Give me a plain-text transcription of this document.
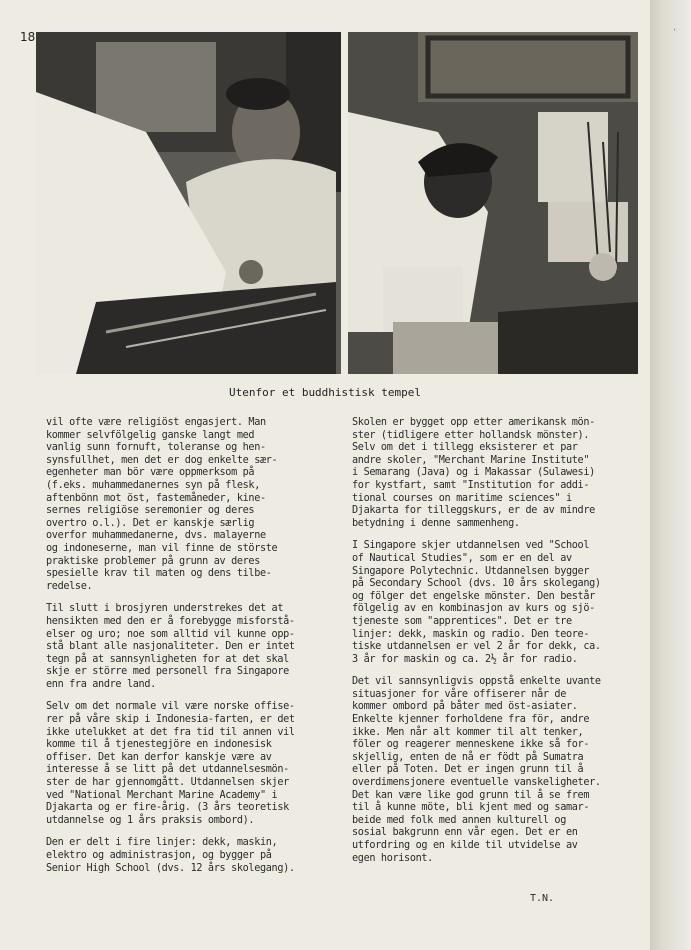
18
Utenfor et buddhistisk tempel
vil ofte være religiöst engasjert. Man
kommer selvfölgelig ganske langt med
vanlig sunn fornuft, toleranse og hen-
synsfullhet, men det er dog enkelte sær-
egenheter man bör være oppmerksom på
(f.eks. muhammedanernes syn på flesk,
aftenbönn mot öst, fastemåneder, kine-
sernes religiöse seremonier og deres
overtro o.l.). Det er kanskje særlig
overfor muhammedanerne, dvs. malayerne
og indoneserne, man vil finne de störste
praktiske problemer på grunn av deres
spesielle krav til maten og dens tilbe-
redelse.
Til slutt i brosjyren understrekes det at
hensikten med den er å forebygge misforstå-
elser og uro; noe som alltid vil kunne opp-
stå blant alle nasjonaliteter. Den er intet
tegn på at sannsynligheten for at det skal
skje er större med personell fra Singapore
enn fra andre land.
Selv om det normale vil være norske offise-
rer på våre skip i Indonesia-farten, er det
ikke utelukket at det fra tid til annen vil
komme til å tjenestegjöre en indonesisk
offiser. Det kan derfor kanskje være av
interesse å se litt på det utdannelsesmön-
ster de har gjennomgått. Utdannelsen skjer
ved "National Merchant Marine Academy" i
Djakarta og er fire-årig. (3 års teoretisk
utdannelse og 1 års praksis ombord).
Den er delt i fire linjer: dekk, maskin,
elektro og administrasjon, og bygger på
Senior High School (dvs. 12 års skolegang).
Skolen er bygget opp etter amerikansk mön-
ster (tidligere etter hollandsk mönster).
Selv om det i tillegg eksisterer et par
andre skoler, "Merchant Marine Institute"
i Semarang (Java) og i Makassar (Sulawesi)
for kystfart, samt "Institution for addi-
tional courses on maritime sciences" i
Djakarta for tilleggskurs, er de av mindre
betydning i denne sammenheng.
I Singapore skjer utdannelsen ved "School
of Nautical Studies", som er en del av
Singapore Polytechnic. Utdannelsen bygger
på Secondary School (dvs. 10 års skolegang)
og fölger det engelske mönster. Den består
fölgelig av en kombinasjon av kurs og sjö-
tjeneste som "apprentices". Det er tre
linjer: dekk, maskin og radio. Den teore-
tiske utdannelsen er vel 2 år for dekk, ca.
3 år for maskin og ca. 2½ år for radio.
Det vil sannsynligvis oppstå enkelte uvante
situasjoner for våre offiserer når de
kommer ombord på båter med öst-asiater.
Enkelte kjenner forholdene fra för, andre
ikke. Men når alt kommer til alt tenker,
föler og reagerer menneskene ikke så for-
skjellig, enten de nå er födt på Sumatra
eller på Toten. Det er ingen grunn til å
overdimensjonere eventuelle vanskeligheter.
Det kan være like god grunn til å se frem
til å kunne möte, bli kjent med og samar-
beide med folk med annen kulturell og
sosial bakgrunn enn vår egen. Det er en
utfordring og en kilde til utvidelse av
egen horisont.
T.N.
'
